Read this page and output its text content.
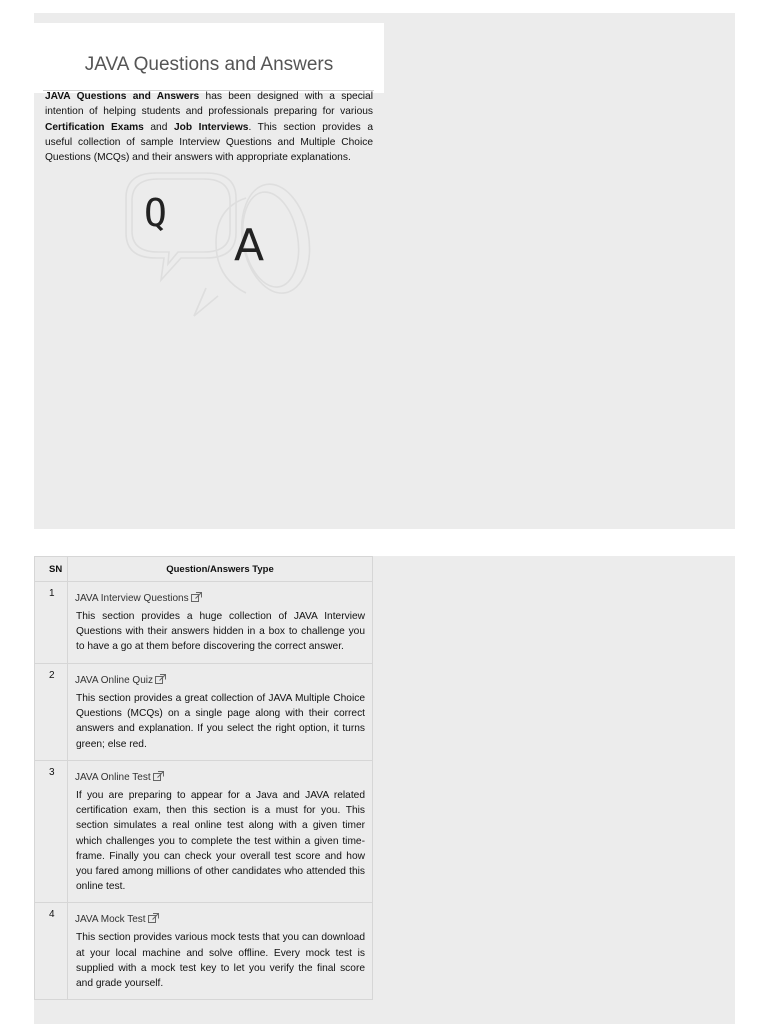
JAVA Questions and Answers

JAVA Questions and Answers has been designed with a special intention of helping students and professionals preparing for various Certification Exams and Job Interviews. This section provides a useful collection of sample Interview Questions and Multiple Choice Questions (MCQs) and their answers with appropriate explanations.

Q
A
SN	Question/Answers Type
1	JAVA Interview Questions

This section provides a huge collection of JAVA Interview Questions with their answers hidden in a box to challenge you to have a go at them before discovering the correct answer.

2	JAVA Online Quiz

This section provides a great collection of JAVA Multiple Choice Questions (MCQs) on a single page along with their correct answers and explanation. If you select the right option, it turns green; else red.

3	JAVA Online Test

If you are preparing to appear for a Java and JAVA related certification exam, then this section is a must for you. This section simulates a real online test along with a given timer which challenges you to complete the test within a given time-frame. Finally you can check your overall test score and how you fared among millions of other candidates who attended this online test.

4	JAVA Mock Test

This section provides various mock tests that you can download at your local machine and solve offline. Every mock test is supplied with a mock test key to let you verify the final score and grade yourself.
